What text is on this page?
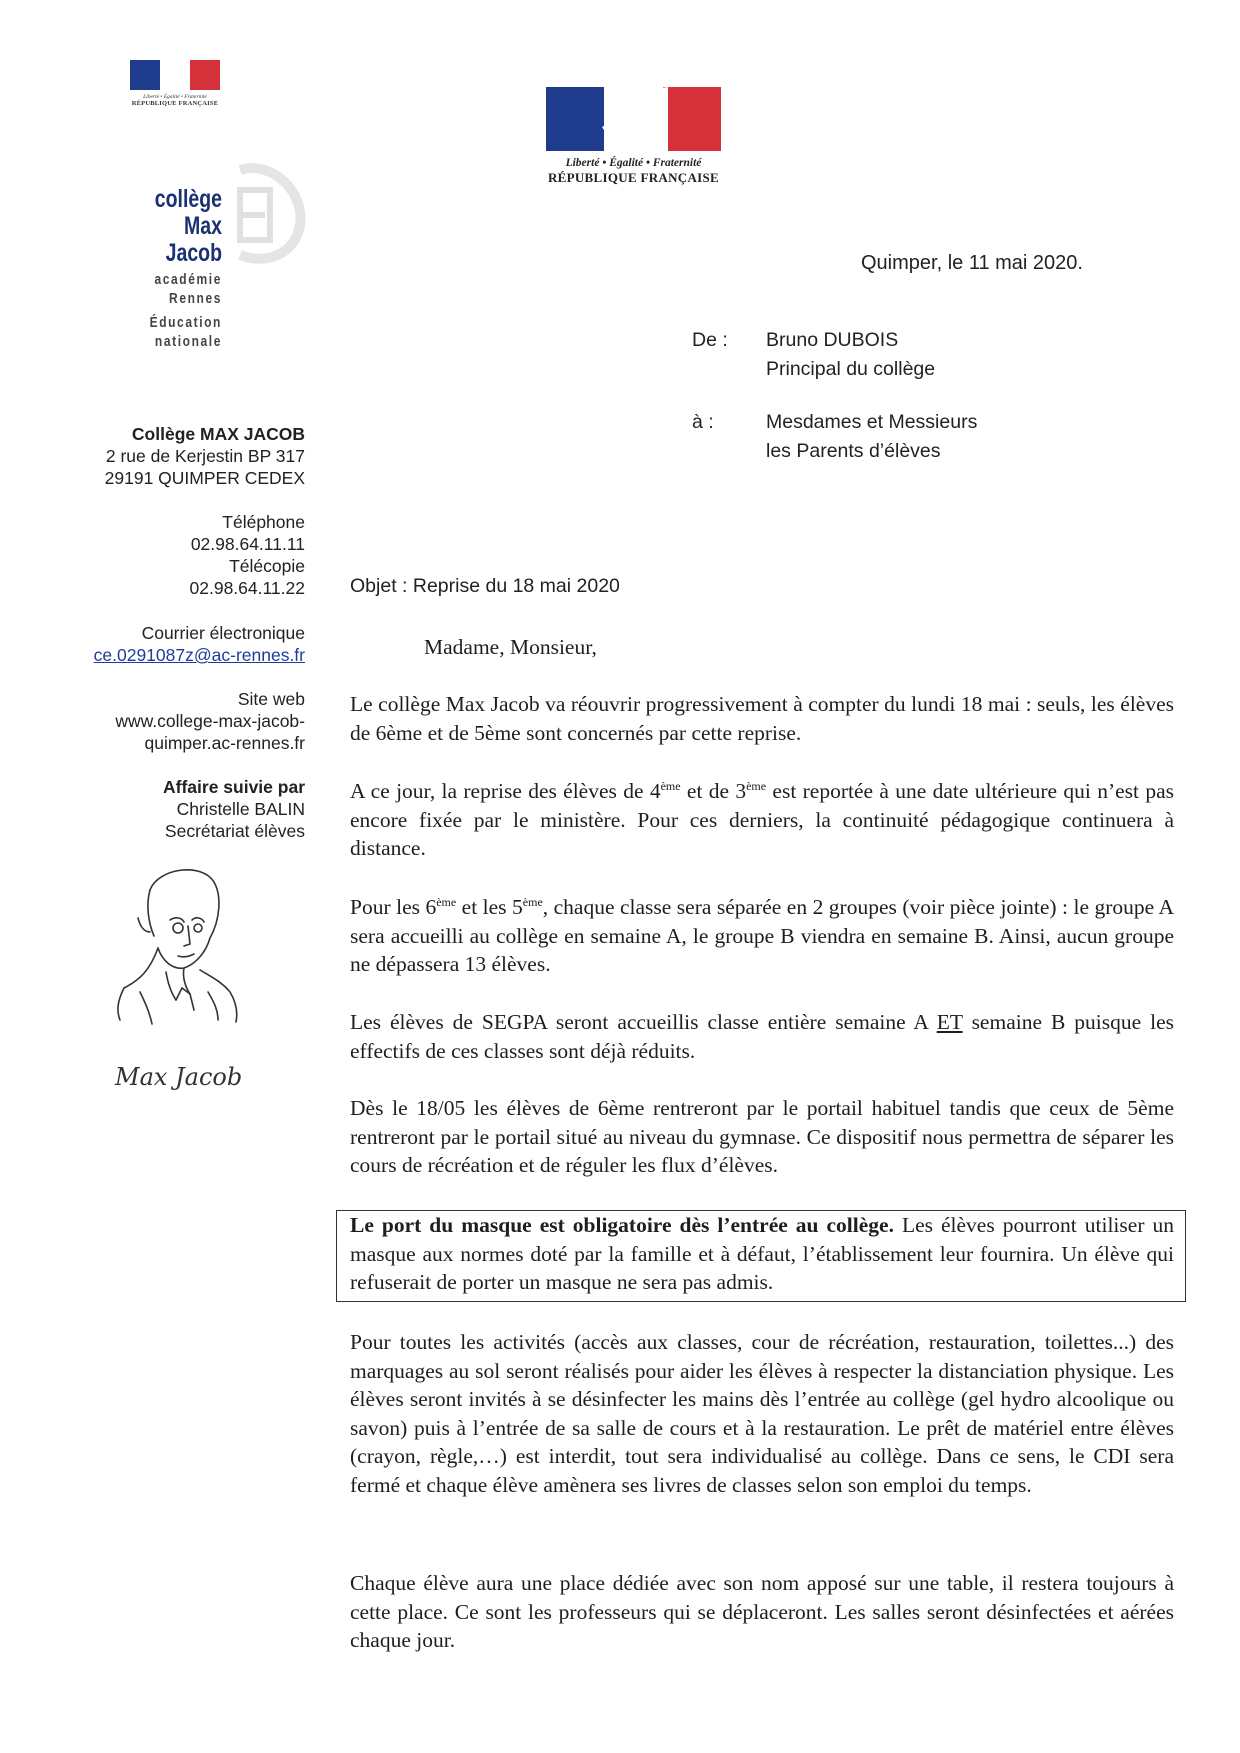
Liberté • Égalité • Fraternité
RÉPUBLIQUE FRANÇAISE
Liberté • Égalité • Fraternité
RÉPUBLIQUE FRANÇAISE
collège
Max Jacob
académie
Rennes
Éducation
nationale
Collège MAX JACOB
2 rue de Kerjestin BP 317
29191 QUIMPER CEDEX
Téléphone
02.98.64.11.11
Télécopie
02.98.64.11.22
Courrier électronique
ce.0291087z@ac-rennes.fr
Site web
www.college-max-jacob-
quimper.ac-rennes.fr
Affaire suivie par
Christelle BALIN
Secrétariat élèves
Max Jacob
Quimper, le 11 mai 2020.
De : Bruno DUBOIS
Principal du collège
à :	Mesdames et Messieurs
les Parents d’élèves
Objet : Reprise du 18 mai 2020
Madame, Monsieur,

Le collège Max Jacob va réouvrir progressivement à compter du lundi 18 mai : seuls, les élèves de 6ème et de 5ème sont concernés par cette reprise.

A ce jour, la reprise des élèves de 4ème et de 3ème est reportée à une date ultérieure qui n’est pas encore fixée par le ministère. Pour ces derniers, la continuité pédagogique continuera à distance.

Pour les 6ème et les 5ème, chaque classe sera séparée en 2 groupes (voir pièce jointe) : le groupe A sera accueilli au collège en semaine A, le groupe B viendra en semaine B. Ainsi, aucun groupe ne dépassera 13 élèves.

Les élèves de SEGPA seront accueillis classe entière semaine A ET semaine B puisque les effectifs de ces classes sont déjà réduits.

Dès le 18/05 les élèves de 6ème rentreront par le portail habituel tandis que ceux de 5ème rentreront par le portail situé au niveau du gymnase. Ce dispositif nous permettra de séparer les cours de récréation et de réguler les flux d’élèves.

Le port du masque est obligatoire dès l’entrée au collège. Les élèves pourront utiliser un masque aux normes doté par la famille et à défaut, l’établissement leur fournira. Un élève qui refuserait de porter un masque ne sera pas admis.

Pour toutes les activités (accès aux classes, cour de récréation, restauration, toilettes...) des marquages au sol seront réalisés pour aider les élèves à respecter la distanciation physique. Les élèves seront invités à se désinfecter les mains dès l’entrée au collège (gel hydro alcoolique ou savon) puis à l’entrée de sa salle de cours et à la restauration. Le prêt de matériel entre élèves (crayon, règle,…) est interdit, tout sera individualisé au collège. Dans ce sens, le CDI sera fermé et chaque élève amènera ses livres de classes selon son emploi du temps.

Chaque élève aura une place dédiée avec son nom apposé sur une table, il restera toujours à cette place. Ce sont les professeurs qui se déplaceront. Les salles seront désinfectées et aérées chaque jour.
